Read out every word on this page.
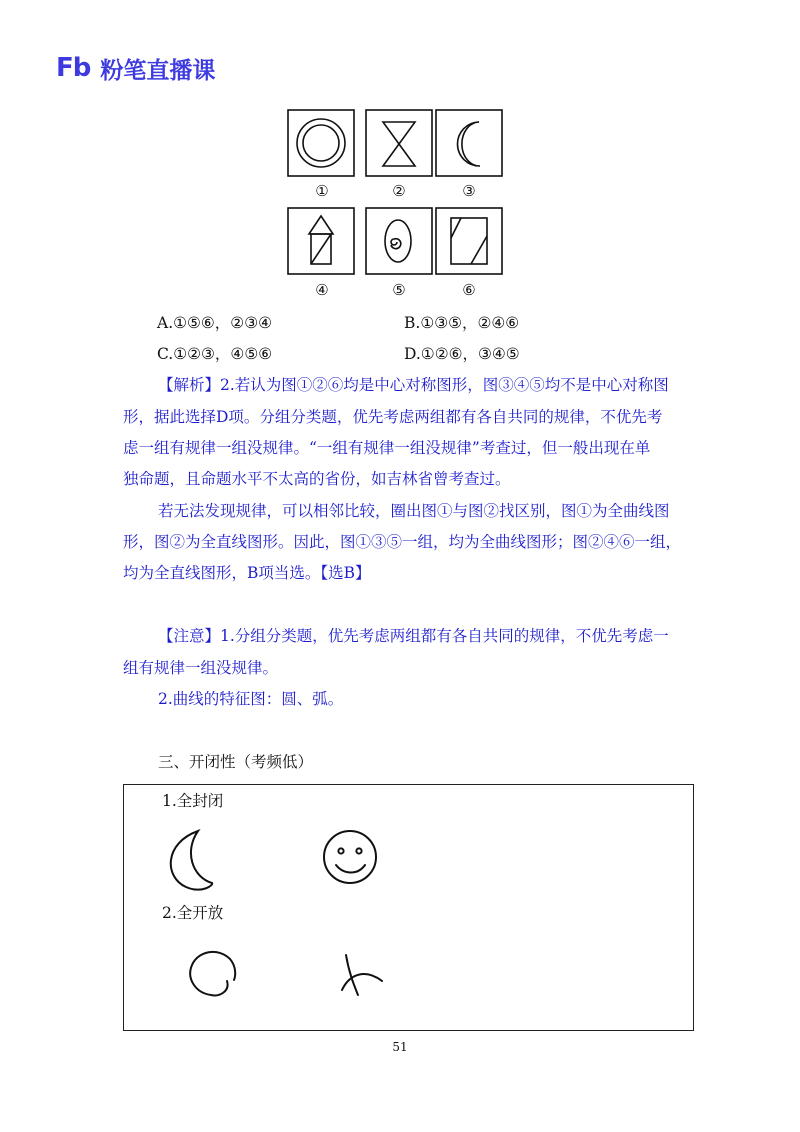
Fb 粉笔直播课
①	②	③
④	⑤	⑥
A.①⑤⑥，②③④	B.①③⑤，②④⑥
C.①②③，④⑤⑥	D.①②⑥，③④⑤
【解析】2.若认为图①②⑥均是中心对称图形，图③④⑤均不是中心对称图
形，据此选择D项。分组分类题，优先考虑两组都有各自共同的规律，不优先考
虑一组有规律一组没规律。“一组有规律一组没规律”考查过，但一般出现在单
独命题，且命题水平不太高的省份，如吉林省曾考查过。
若无法发现规律，可以相邻比较，圈出图①与图②找区别，图①为全曲线图
形，图②为全直线图形。因此，图①③⑤一组，均为全曲线图形；图②④⑥一组，
均为全直线图形，B项当选。【选B】
【注意】1.分组分类题，优先考虑两组都有各自共同的规律，不优先考虑一
组有规律一组没规律。
2.曲线的特征图：圆、弧。
三、开闭性（考频低）
1.全封闭
2.全开放
51
